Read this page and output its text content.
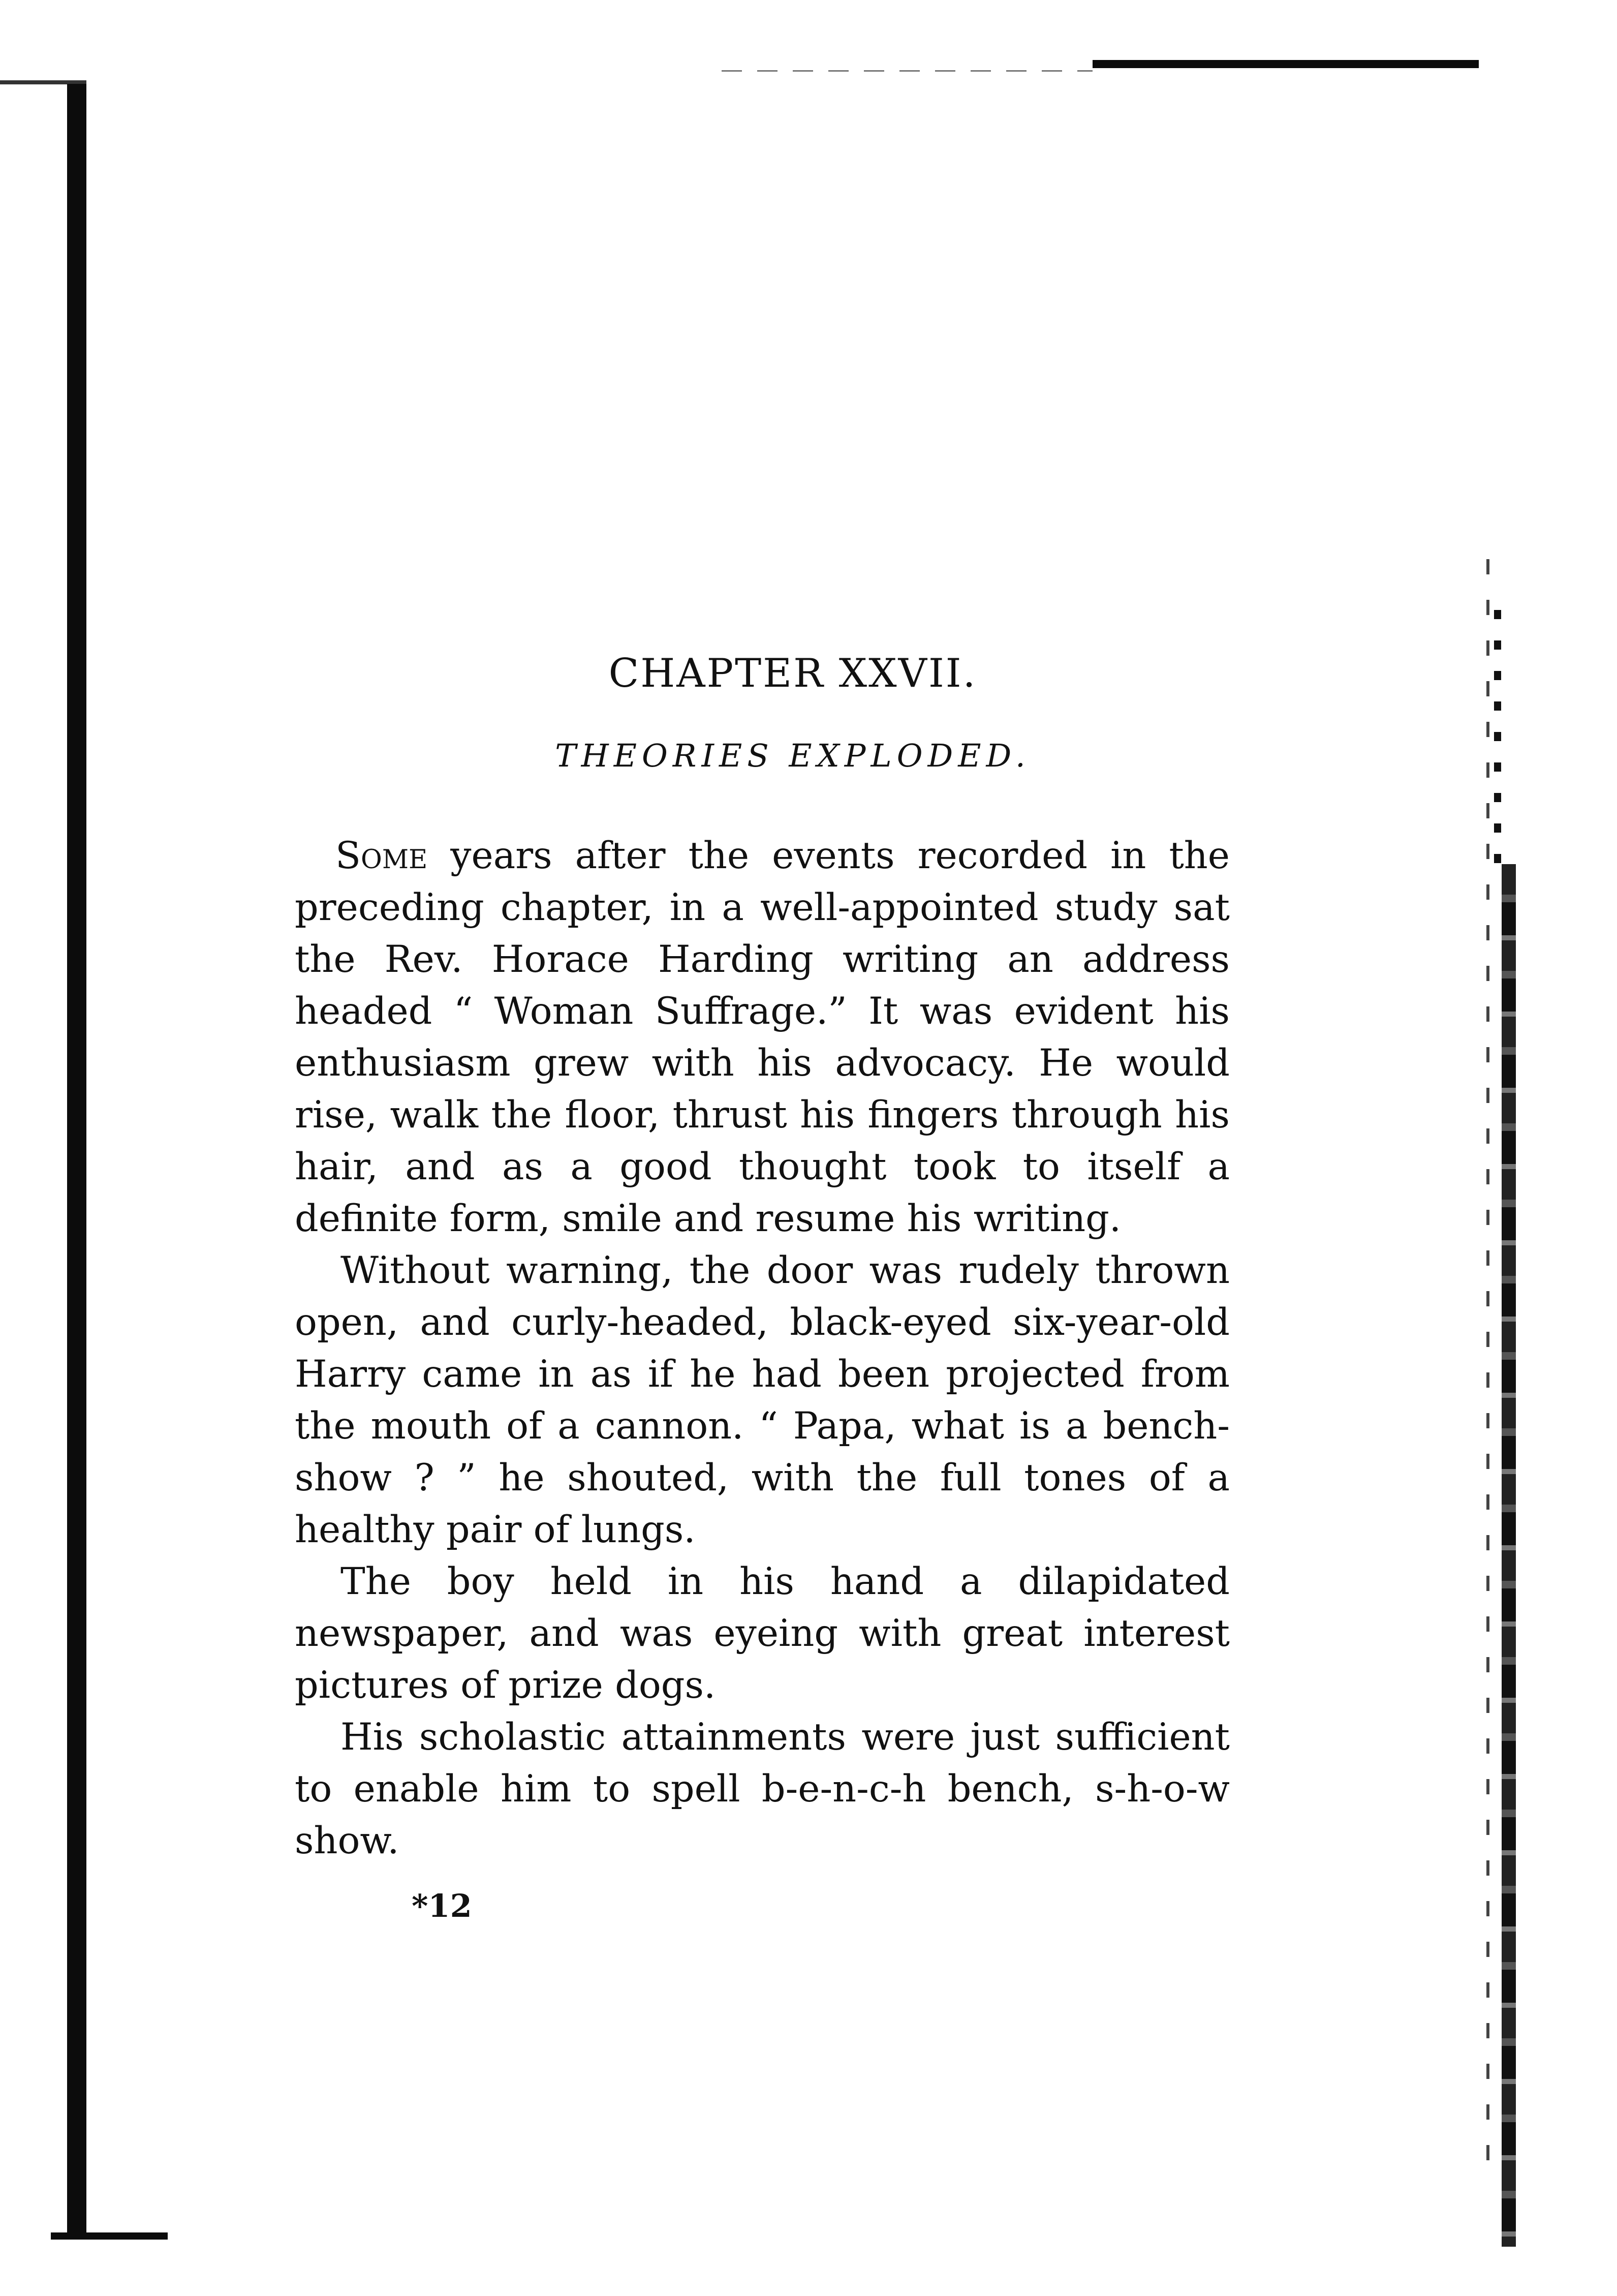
CHAPTER XXVII.
THEORIES EXPLODED.

Some years after the events recorded in the preceding chapter, in a well-appointed study sat the Rev. Horace Harding writing an address headed “ Woman Suffrage.” It was evident his enthusiasm grew with his advocacy. He would rise, walk the floor, thrust his fingers through his hair, and as a good thought took to itself a definite form, smile and resume his writing.

Without warning, the door was rudely thrown open, and curly-headed, black-eyed six-year-old Harry came in as if he had been projected from the mouth of a cannon. “ Papa, what is a bench-show ? ” he shouted, with the full tones of a healthy pair of lungs.

The boy held in his hand a dilapidated newspaper, and was eyeing with great interest pictures of prize dogs.

His scholastic attainments were just sufficient to enable him to spell b-e-n-c-h bench, s-h-o-w show.

*12
